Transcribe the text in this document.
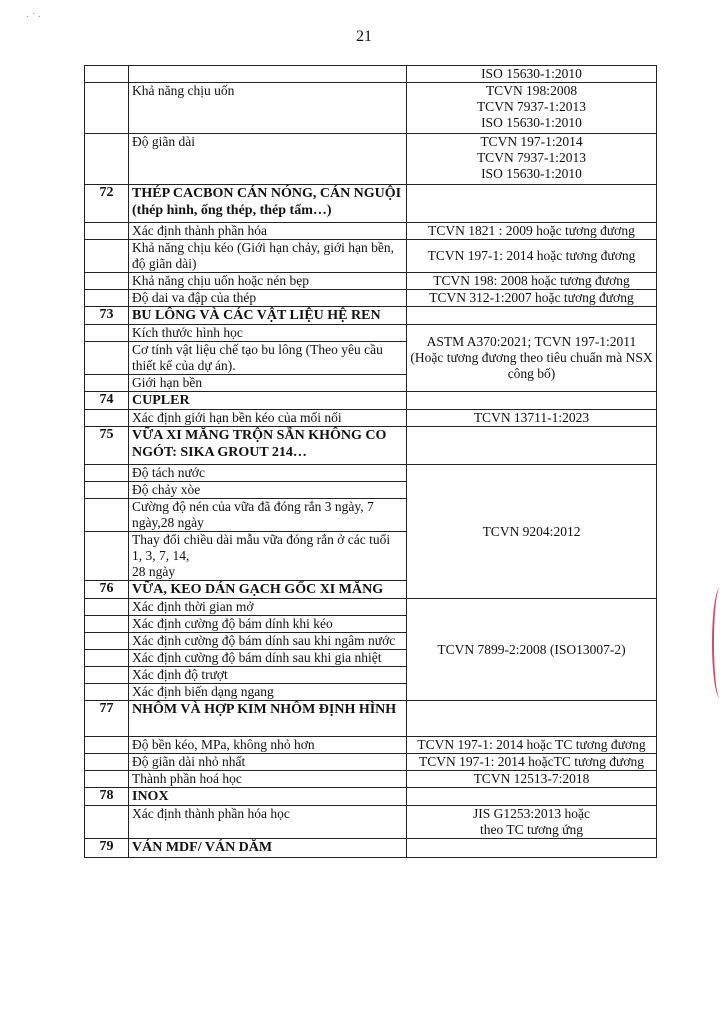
· ˙ ·
21

		ISO 15630-1:2010	

	Khả năng chịu uốn	TCVN 198:2008
TCVN 7937-1:2013
ISO 15630-1:2010	

	Độ giãn dài	TCVN 197-1:2014
TCVN 7937-1:2013
ISO 15630-1:2010	

72	THÉP CACBON CÁN NÓNG, CÁN NGUỘI (thép hình, ống thép, thép tấm…)		
	Xác định thành phần hóa	TCVN 1821 : 2009 hoặc tương đương	
	Khả năng chịu kéo (Giới hạn chảy, giới hạn bền, độ giãn dài)	TCVN 197-1: 2014 hoặc tương đương	
	Khả năng chịu uốn hoặc nén bẹp	TCVN 198: 2008 hoặc tương đương	
	Độ dai va đập của thép	TCVN 312-1:2007 hoặc tương đương	
73	BU LÔNG VÀ CÁC VẬT LIỆU HỆ REN		
	Kích thước hình học	ASTM A370:2021; TCVN 197-1:2011 (Hoặc tương đương theo tiêu chuẩn mà NSX công bố)	
	Cơ tính vật liệu chế tạo bu lông (Theo yêu cầu thiết kế của dự án).		
	Giới hạn bền		
74	CUPLER		
	Xác định giới hạn bền kéo của mối nối	TCVN 13711-1:2023	
75	VỮA XI MĂNG TRỘN SẴN KHÔNG CO NGÓT: SIKA GROUT 214…		
	Độ tách nước	TCVN 9204:2012	
	Độ chảy xòe		
	Cường độ nén của vữa đã đóng rắn 3 ngày, 7 ngày,28 ngày		

	Thay đổi chiều dài mẫu vữa đóng rắn ở các tuổi 1, 3, 7, 14,
28 ngày		

76	VỮA, KEO DÁN GẠCH GỐC XI MĂNG		
	Xác định thời gian mở	TCVN 7899-2:2008 (ISO13007-2)	
	Xác định cường độ bám dính khi kéo		
	Xác định cường độ bám dính sau khi ngâm nước		
	Xác định cường độ bám dính sau khi gia nhiệt		
	Xác định độ trượt		
	Xác định biến dạng ngang		
77	NHÔM VÀ HỢP KIM NHÔM ĐỊNH HÌNH		
	Độ bền kéo, MPa, không nhỏ hơn	TCVN 197-1: 2014 hoặc TC tương đương	
	Độ giãn dài nhỏ nhất	TCVN 197-1: 2014 hoặcTC tương đương	
	Thành phần hoá học	TCVN 12513-7:2018	
78	INOX		
	Xác định thành phần hóa học	JIS G1253:2013 hoặc
theo TC tương ứng	

79	VÁN MDF/ VÁN DĂM		
